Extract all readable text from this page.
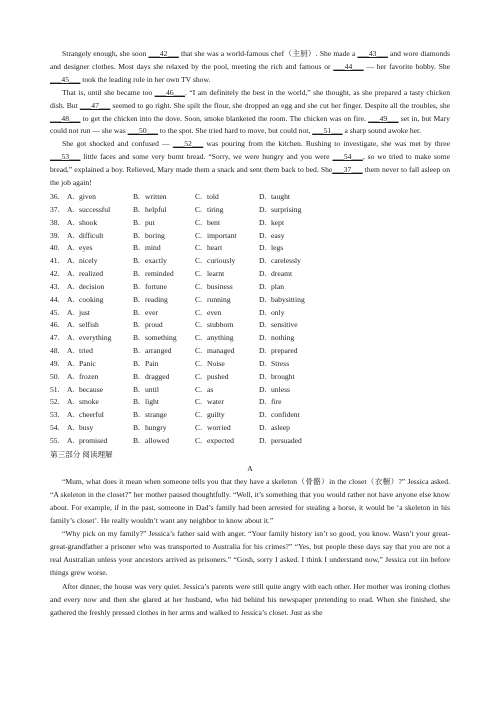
Strangely enough, she soon ___42___ that she was a world-famous chef（主厨）. She made a ___43___ and wore diamonds and designer clothes. Most days she relaxed by the pool, meeting the rich and famous or ___44___ — her favorite hobby. She ___45___ took the leading role in her own TV show.

That is, until she became too ___46___. “I am definitely the best in the world,” she thought, as she prepared a tasty chicken dish. But ___47___ seemed to go right. She spilt the flour, she dropped an egg and she cut her finger. Despite all the troubles, she ___48___ to get the chicken into the dove. Soon, smoke blanketed the room. The chicken was on fire. ___49___ set in, but Mary could not run — she was ___50___ to the spot. She tried hard to move, but could not, ___51___ a sharp sound awoke her.

She got shocked and confused — ___52___ was pouring from the kitchen. Rushing to investigate, she was met by three ___53___ little faces and some very burnt bread. “Sorry, we were hungry and you were ___54___, so we tried to make some bread,” explained a boy. Relieved, Mary made them a snack and sent them back to bed. She___37___ them never to fall asleep on the job again!

36. A. given	B. written	C. told	D. taught
37. A. successful	B. helpful	C. tiring	D. surprising
38. A. shook	B. put	C. bent	D. kept
39. A. difficult	B. boring	C. important	D. easy
40. A. eyes	B. mind	C. heart	D. legs
41. A. nicely	B. exactly	C. curiously	D. carelessly
42. A. realized	B. reminded	C. learnt	D. dreamt
43. A. decision	B. fortune	C. business	D. plan
44. A. cooking	B. reading	C. running	D. babysitting
45. A. just	B. ever	C. even	D. only
46. A. selfish	B. proud	C. stubborn	D. sensitive
47. A. everything	B. something	C. anything	D. nothing
48. A. tried	B. arranged	C. managed	D. prepared
49. A. Panic	B. Pain	C. Noise	D. Stress
50. A. frozen	B. dragged	C. pushed	D. brought
51. A. because	B. until	C. as	D. unless
52. A. smoke	B. light	C. water	D. fire
53. A. cheerful	B. strange	C. guilty	D. confident
54. A. busy	B. hungry	C. worried	D. asleep
55. A. promised	B. allowed	C. expected	D. persuaded
第三部分 阅读理解
A

“Mum, what does it mean when someone tells you that they have a skeleton（骨骼）in the closet（衣橱）?” Jessica asked. “A skeleton in the closet?” her mother paused thoughtfully. “Well, it’s something that you would rather not have anyone else know about. For example, if in the past, someone in Dad’s family had been arrested for stealing a horse, it would be ‘a skeleton in his family’s closet’. He really wouldn’t want any neighbor to know about it.”

“Why pick on my family?” Jessica’s father said with anger. “Your family history isn’t so good, you know. Wasn’t your great-great-grandfather a prisoner who was transported to Australia for his crimes?” “Yes, but people these days say that you are not a real Australian unless your ancestors arrived as prisoners.” “Gosh, sorry I asked. I think I understand now,” Jessica cut iin before things grew worse.

After dinner, the house was very quiet. Jessica’s parents were still quite angry with each other. Her mother was ironing clothes and every now and then she glared at her husband, who hid behind his newspaper pretending to read. When she finished, she gathered the freshly pressed clothes in her arms and walked to Jessica’s closet. Just as she
